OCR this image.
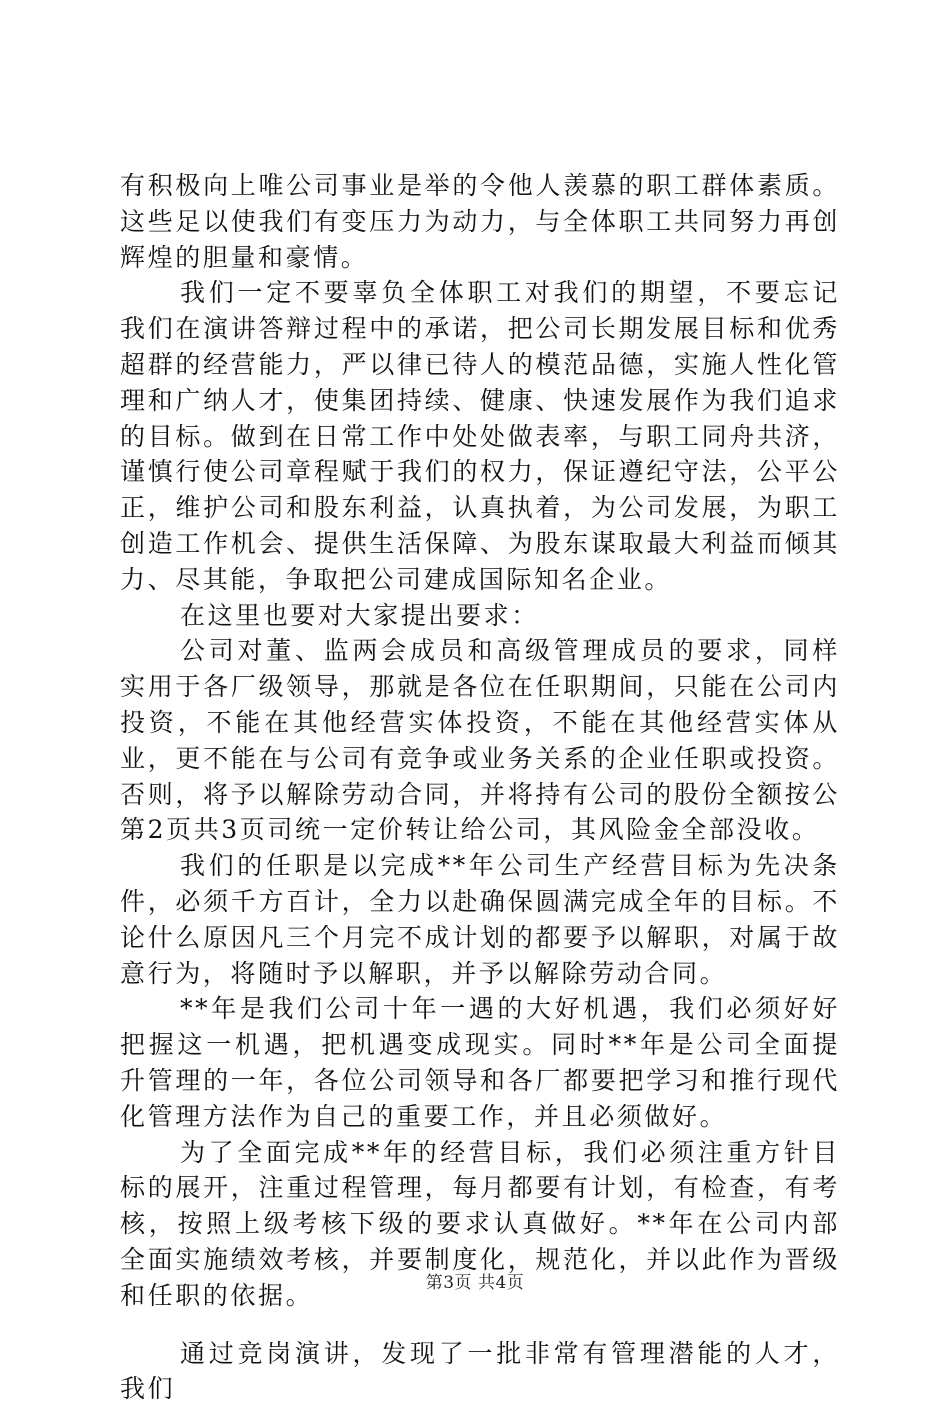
有积极向上唯公司事业是举的令他人羡慕的职工群体素质。这些足以使我们有变压力为动力，与全体职工共同努力再创辉煌的胆量和豪情。

我们一定不要辜负全体职工对我们的期望，不要忘记我们在演讲答辩过程中的承诺，把公司长期发展目标和优秀超群的经营能力，严以律已待人的模范品德，实施人性化管理和广纳人才，使集团持续、健康、快速发展作为我们追求的目标。做到在日常工作中处处做表率，与职工同舟共济，谨慎行使公司章程赋于我们的权力，保证遵纪守法，公平公正，维护公司和股东利益，认真执着，为公司发展，为职工创造工作机会、提供生活保障、为股东谋取最大利益而倾其力、尽其能，争取把公司建成国际知名企业。

在这里也要对大家提出要求：

公司对董、监两会成员和高级管理成员的要求，同样实用于各厂级领导，那就是各位在任职期间，只能在公司内投资，不能在其他经营实体投资，不能在其他经营实体从业，更不能在与公司有竞争或业务关系的企业任职或投资。否则，将予以解除劳动合同，并将持有公司的股份全额按公第2页共3页司统一定价转让给公司，其风险金全部没收。

我们的任职是以完成**年公司生产经营目标为先决条件，必须千方百计，全力以赴确保圆满完成全年的目标。不论什么原因凡三个月完不成计划的都要予以解职，对属于故意行为，将随时予以解职，并予以解除劳动合同。

**年是我们公司十年一遇的大好机遇，我们必须好好把握这一机遇，把机遇变成现实。同时**年是公司全面提升管理的一年，各位公司领导和各厂都要把学习和推行现代化管理方法作为自己的重要工作，并且必须做好。

为了全面完成**年的经营目标，我们必须注重方针目标的展开，注重过程管理，每月都要有计划，有检查，有考核，按照上级考核下级的要求认真做好。**年在公司内部全面实施绩效考核，并要制度化，规范化，并以此作为晋级和任职的依据。

通过竞岗演讲，发现了一批非常有管理潜能的人才，我们

第3页 共4页
